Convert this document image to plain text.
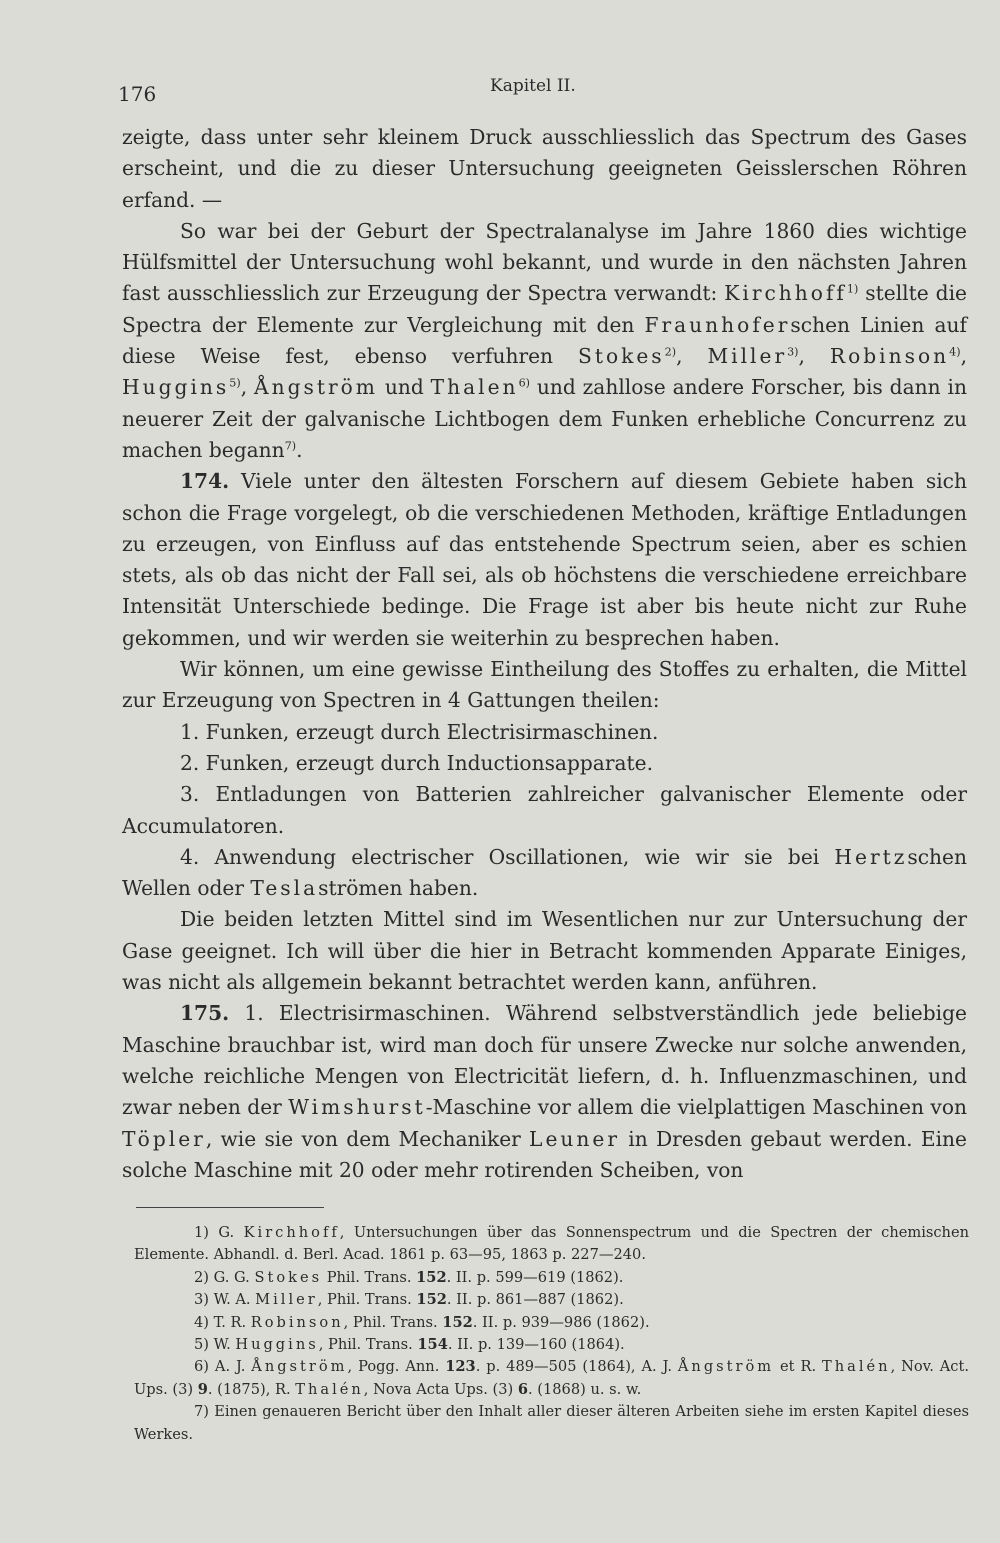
176	Kapitel II.

zeigte, dass unter sehr kleinem Druck ausschliesslich das Spectrum des Gases erscheint, und die zu dieser Untersuchung geeigneten Geisslerschen Röhren erfand. —

So war bei der Geburt der Spectralanalyse im Jahre 1860 dies wichtige Hülfsmittel der Untersuchung wohl bekannt, und wurde in den nächsten Jahren fast ausschliesslich zur Erzeugung der Spectra verwandt: Kirchhoff$^{1)}$ stellte die Spectra der Elemente zur Vergleichung mit den Fraunhoferschen Linien auf diese Weise fest, ebenso verfuhren Stokes$^{2)}$, Miller$^{3)}$, Robinson$^{4)}$, Huggins$^{5)}$, Ångström und Thalen$^{6)}$ und zahllose andere Forscher, bis dann in neuerer Zeit der galvanische Lichtbogen dem Funken erhebliche Concurrenz zu machen begann$^{7)}$.

174. Viele unter den ältesten Forschern auf diesem Gebiete haben sich schon die Frage vorgelegt, ob die verschiedenen Methoden, kräftige Entladungen zu erzeugen, von Einfluss auf das entstehende Spectrum seien, aber es schien stets, als ob das nicht der Fall sei, als ob höchstens die verschiedene erreichbare Intensität Unterschiede bedinge. Die Frage ist aber bis heute nicht zur Ruhe gekommen, und wir werden sie weiterhin zu besprechen haben.

Wir können, um eine gewisse Eintheilung des Stoffes zu erhalten, die Mittel zur Erzeugung von Spectren in 4 Gattungen theilen:

1. Funken, erzeugt durch Electrisirmaschinen.

2. Funken, erzeugt durch Inductionsapparate.

3. Entladungen von Batterien zahlreicher galvanischer Elemente oder Accumulatoren.

4. Anwendung electrischer Oscillationen, wie wir sie bei Hertzschen Wellen oder Teslaströmen haben.

Die beiden letzten Mittel sind im Wesentlichen nur zur Untersuchung der Gase geeignet. Ich will über die hier in Betracht kommenden Apparate Einiges, was nicht als allgemein bekannt betrachtet werden kann, anführen.

175. 1. Electrisirmaschinen. Während selbstverständlich jede beliebige Maschine brauchbar ist, wird man doch für unsere Zwecke nur solche anwenden, welche reichliche Mengen von Electricität liefern, d. h. Influenzmaschinen, und zwar neben der Wimshurst-Maschine vor allem die vielplattigen Maschinen von Töpler, wie sie von dem Mechaniker Leuner in Dresden gebaut werden. Eine solche Maschine mit 20 oder mehr rotirenden Scheiben, von

1) G. Kirchhoff, Untersuchungen über das Sonnenspectrum und die Spectren der chemischen Elemente. Abhandl. d. Berl. Acad. 1861 p. 63—95, 1863 p. 227—240.

2) G. G. Stokes Phil. Trans. 152. II. p. 599—619 (1862).

3) W. A. Miller, Phil. Trans. 152. II. p. 861—887 (1862).

4) T. R. Robinson, Phil. Trans. 152. II. p. 939—986 (1862).

5) W. Huggins, Phil. Trans. 154. II. p. 139—160 (1864).

6) A. J. Ångström, Pogg. Ann. 123. p. 489—505 (1864), A. J. Ångström et R. Thalén, Nov. Act. Ups. (3) 9. (1875), R. Thalén, Nova Acta Ups. (3) 6. (1868) u. s. w.

7) Einen genaueren Bericht über den Inhalt aller dieser älteren Arbeiten siehe im ersten Kapitel dieses Werkes.
